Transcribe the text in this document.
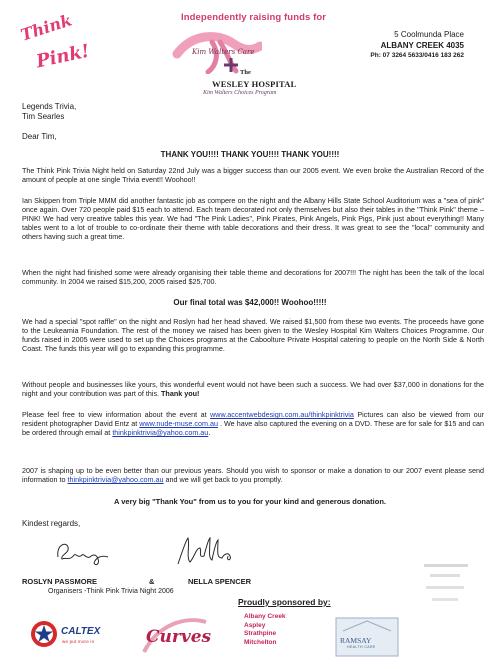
Think
Pink!
Independently raising funds for
Kim Walters Care
The
WESLEY HOSPITAL
Kim Walters Choices Program
5 Coolmunda Place
ALBANY CREEK 4035
Ph: 07 3264 5633/0416 183 262
Legends Trivia,
Tim Searles
Dear Tim,
THANK YOU!!!! THANK YOU!!!! THANK YOU!!!!

The Think Pink Trivia Night held on Saturday 22nd July was a bigger success than our 2005 event. We even broke the Australian Record of the amount of people at one single Trivia event!! Woohoo!!

Ian Skippen from Triple MMM did another fantastic job as compere on the night and the Albany Hills State School Auditorium was a "sea of pink" once again. Over 720 people paid $15 each to attend. Each team decorated not only themselves but also their tables in the "Think Pink" theme – PINK! We had very creative tables this year. We had "The Pink Ladies", Pink Pirates, Pink Angels, Pink Pigs, Pink just about everything!! Many tables went to a lot of trouble to co-ordinate their theme with table decorations and their dress. It was great to see the "local" community and others having such a great time.

When the night had finished some were already organising their table theme and decorations for 2007!!! The night has been the talk of the local community. In 2004 we raised $15,200, 2005 raised $25,700.

Our final total was $42,000!! Woohoo!!!!!

We had a special "spot raffle" on the night and Roslyn had her head shaved. We raised $1,500 from these two events. The proceeds have gone to the Leukeamia Foundation. The rest of the money we raised has been given to the Wesley Hospital Kim Walters Choices Programme. Our funds raised in 2005 were used to set up the Choices programs at the Caboolture Private Hospital catering to people on the North Side & North Coast. The funds this year will go to expanding this programme.

Without people and businesses like yours, this wonderful event would not have been such a success. We had over $37,000 in donations for the night and your contribution was part of this. Thank you!

Please feel free to view information about the event at www.accentwebdesign.com.au/thinkpinktrivia Pictures can also be viewed from our resident photographer David Entz at www.nude-muse.com.au . We have also captured the evening on a DVD. These are for sale for $15 and can be ordered through email at thinkpinktrivia@yahoo.com.au.

2007 is shaping up to be even better than our previous years. Should you wish to sponsor or make a donation to our 2007 event please send information to thinkpinktrivia@yahoo.com.au and we will get back to you promptly.

A very big "Thank You" from us to you for your kind and generous donation.

Kindest regards,
ROSLYN PASSMORE	&	NELLA SPENCER
Organisers -Think Pink Trivia Night 2006
Proudly sponsored by:
CALTEX
we put more in	Curves
Albany Creek
Aspley
Strathpine
Mitchelton	RAMSAY
HEALTH CARE
